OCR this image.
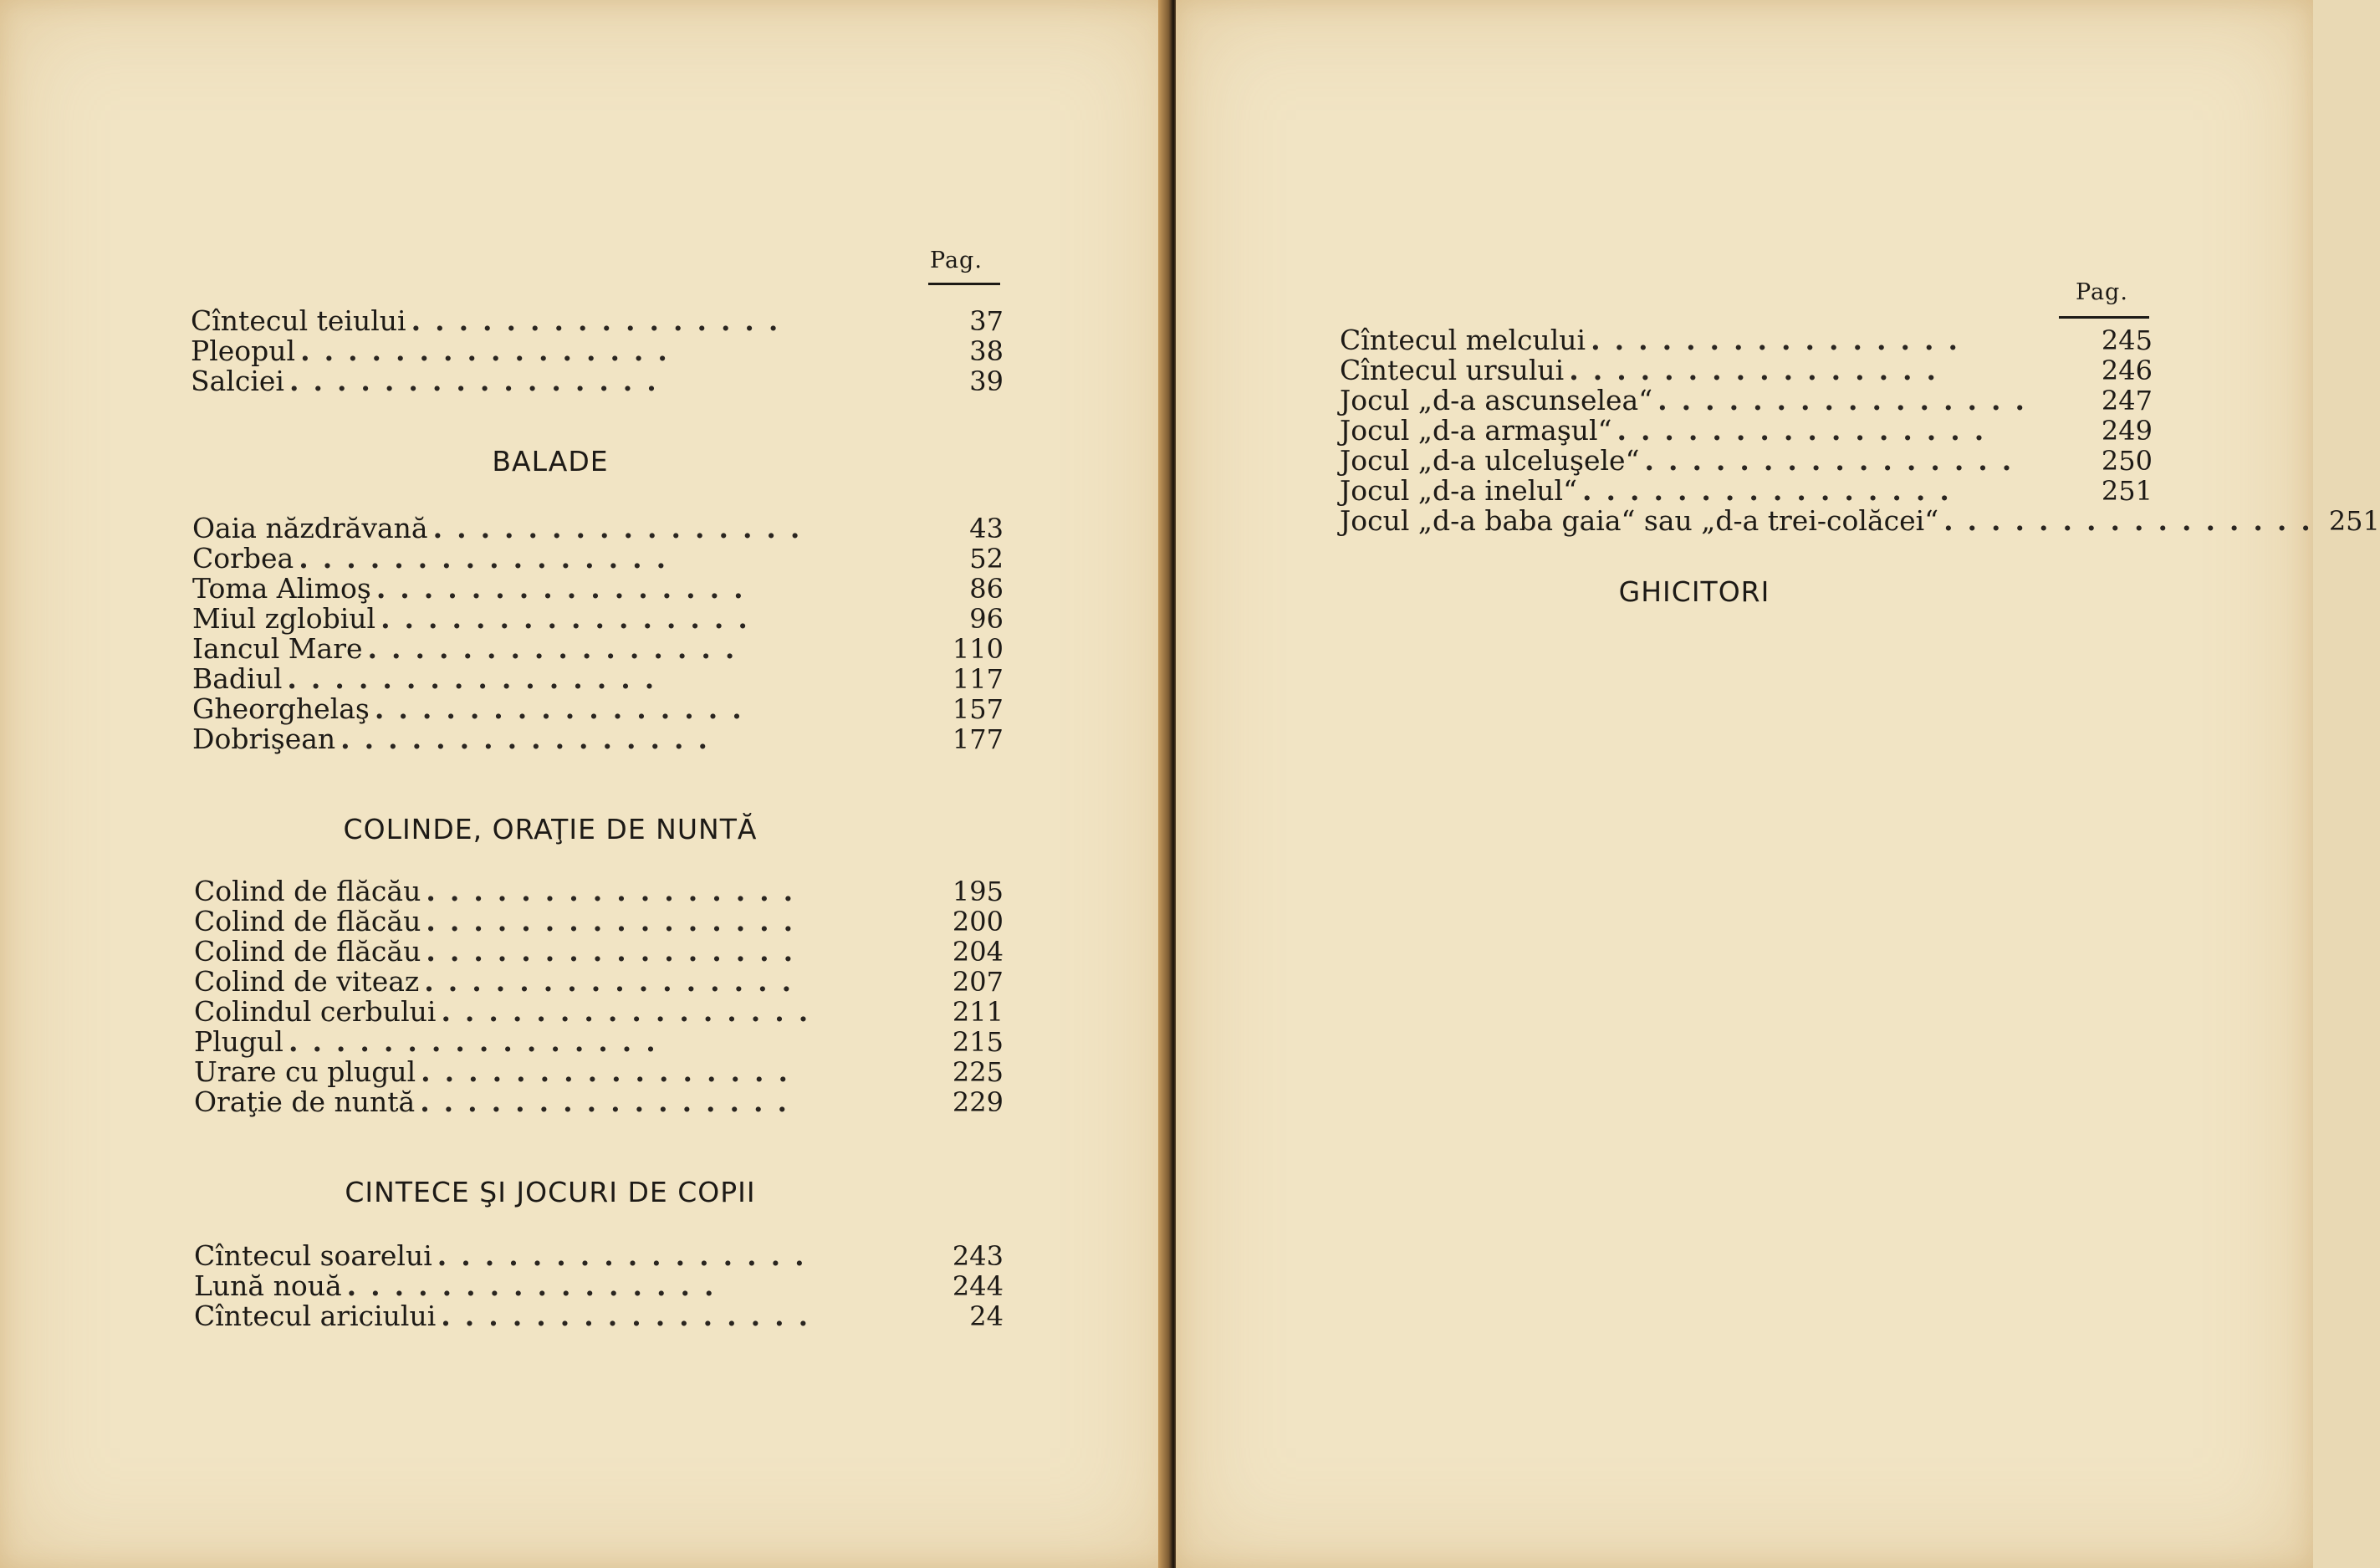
Pag.
Cîntecul teiului ................	37
Pleopul ................	38
Salciei ................	39
BALADE
Oaia năzdrăvană ................	43
Corbea ................	52
Toma Alimoş ................	86
Miul zglobiul ................	96
Iancul Mare ................	110
Badiul ................	117
Gheorghelaş ................	157
Dobrişean ................	177
COLINDE, ORAŢIE DE NUNTĂ
Colind de flăcău ................	195
Colind de flăcău ................	200
Colind de flăcău ................	204
Colind de viteaz ................	207
Colindul cerbului ................	211
Plugul ................	215
Urare cu plugul ................	225
Oraţie de nuntă ................	229
CINTECE ŞI JOCURI DE COPII
Cîntecul soarelui ................	243
Lună nouă ................	244
Cîntecul ariciului ................	24
Pag.
Cîntecul melcului ................	245
Cîntecul ursului ................	246
Jocul „d-a ascunselea“ ................	247
Jocul „d-a armaşul“ ................	249
Jocul „d-a ulceluşele“ ................	250
Jocul „d-a inelul“ ................	251
Jocul „d-a baba gaia“ sau „d-a trei-colăcei“ ................ 251
GHICITORI
